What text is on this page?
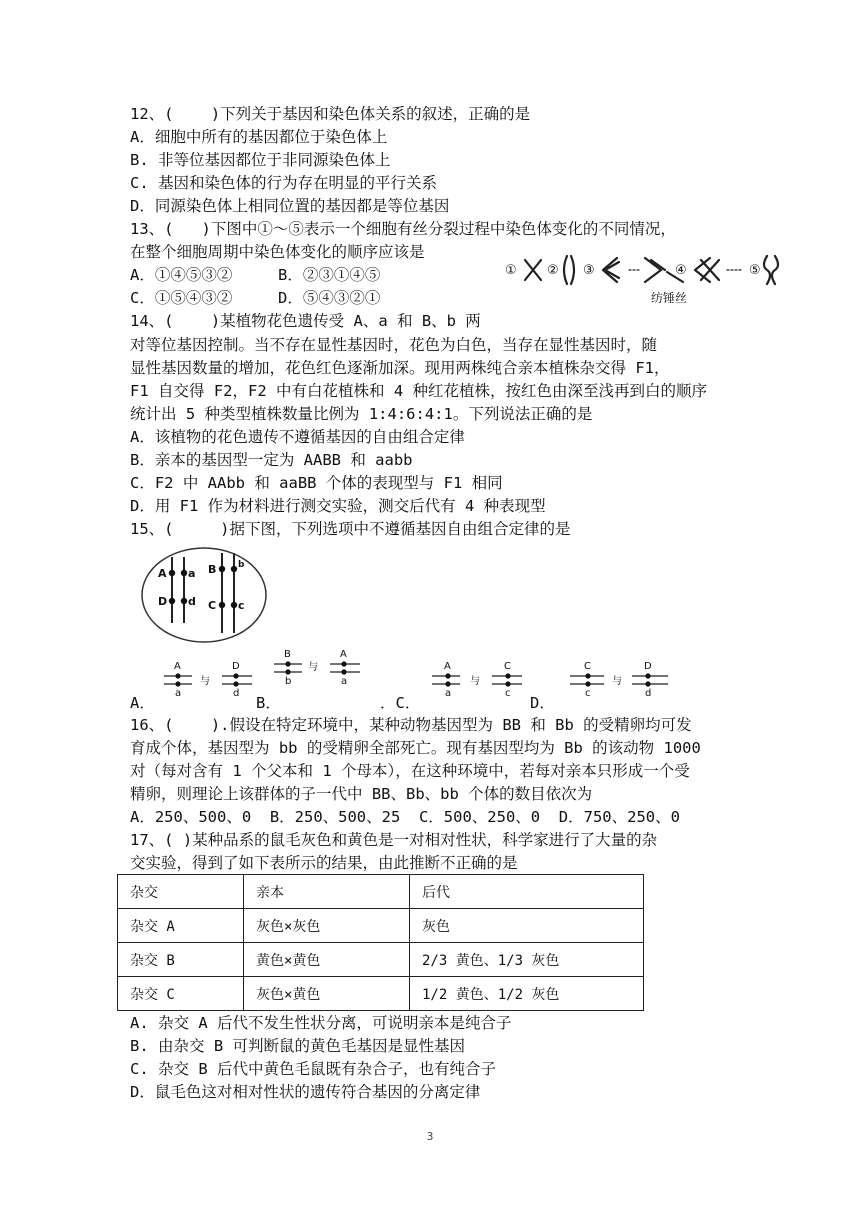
12、(    )下列关于基因和染色体关系的叙述，正确的是
A．细胞中所有的基因都位于染色体上
B. 非等位基因都位于非同源染色体上
C. 基因和染色体的行为存在明显的平行关系
D．同源染色体上相同位置的基因都是等位基因
13、(   )下图中①～⑤表示一个细胞有丝分裂过程中染色体变化的不同情况，
在整个细胞周期中染色体变化的顺序应该是
A．①④⑤③②	B．②③①④⑤
C．①⑤④③②	D．⑤④③②①
① ② ③	④	⑤
纺锤丝
14、(    )某植物花色遗传受 A、a 和 B、b 两
对等位基因控制。当不存在显性基因时，花色为白色，当存在显性基因时，随
显性基因数量的增加，花色红色逐渐加深。现用两株纯合亲本植株杂交得 F1，
F1 自交得 F2，F2 中有白花植株和 4 种红花植株，按红色由深至浅再到白的顺序
统计出 5 种类型植株数量比例为 1:4:6:4:1。下列说法正确的是
A．该植物的花色遗传不遵循基因的自由组合定律
B．亲本的基因型一定为 AABB 和 aabb
C．F2 中 AAbb 和 aaBB 个体的表现型与 F1 相同
D．用 F1 作为材料进行测交实验，测交后代有 4 种表现型
15、(     )据下图，下列选项中不遵循基因自由组合定律的是
A a
D d
B b
C c
A．	B．	．C．	D．
A
a
与
D
d
B
b
与
A
a
A
a
与
C
c
C
c
与
D
d
16、(    ).假设在特定环境中，某种动物基因型为 BB 和 Bb 的受精卵均可发
育成个体，基因型为 bb 的受精卵全部死亡。现有基因型均为 Bb 的该动物 1000
对（每对含有 1 个父本和 1 个母本），在这种环境中，若每对亲本只形成一个受
精卵，则理论上该群体的子一代中 BB、Bb、bb 个体的数目依次为
A．250、500、0  B．250、500、25  C．500、250、0  D．750、250、0
17、( )某种品系的鼠毛灰色和黄色是一对相对性状，科学家进行了大量的杂
交实验，得到了如下表所示的结果，由此推断不正确的是
杂交	亲本	后代
杂交 A	灰色×灰色	灰色
杂交 B	黄色×黄色	2/3 黄色、1/3 灰色
杂交 C	灰色×黄色	1/2 黄色、1/2 灰色
A. 杂交 A 后代不发生性状分离，可说明亲本是纯合子
B. 由杂交 B 可判断鼠的黄色毛基因是显性基因
C. 杂交 B 后代中黄色毛鼠既有杂合子，也有纯合子
D．鼠毛色这对相对性状的遗传符合基因的分离定律
3
